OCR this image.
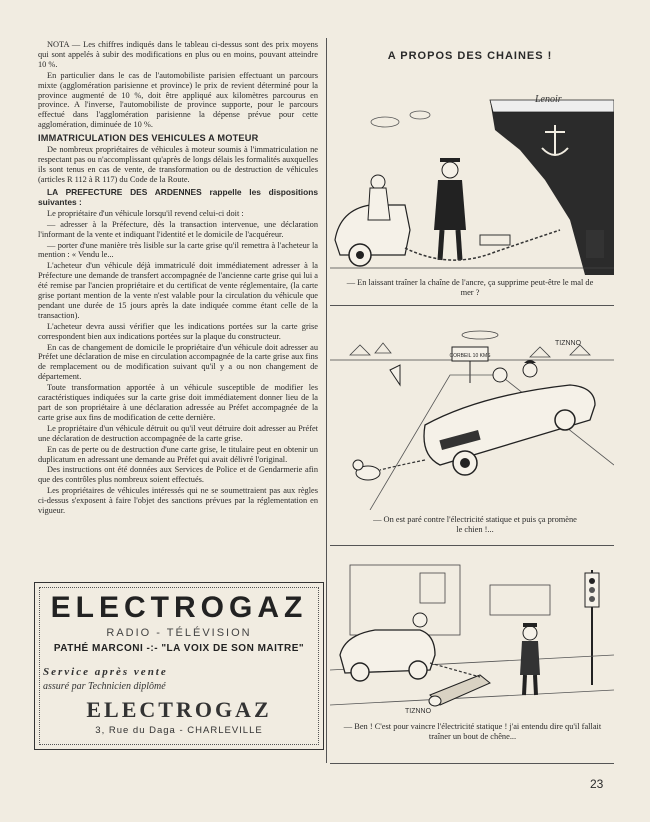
NOTA — Les chiffres indiqués dans le tableau ci-dessus sont des prix moyens qui sont appelés à subir des modifications en plus ou en moins, pouvant atteindre 10 %.

En particulier dans le cas de l'automobiliste parisien effectuant un parcours mixte (agglomération parisienne et province) le prix de revient déterminé pour la province augmenté de 10 %, doit être appliqué aux kilomètres parcourus en province. A l'inverse, l'automobiliste de province supporte, pour le parcours effectué dans l'agglomération parisienne la dépense prévue pour cette agglomération, diminuée de 10 %.

IMMATRICULATION DES VEHICULES A MOTEUR

De nombreux propriétaires de véhicules à moteur soumis à l'immatriculation ne respectant pas ou n'accomplissant qu'après de longs délais les formalités auxquelles ils sont tenus en cas de vente, de transformation ou de destruction de véhicules (articles R 112 à R 117) du Code de la Route.

LA PREFECTURE DES ARDENNES rappelle les dispositions suivantes :

Le propriétaire d'un véhicule lorsqu'il revend celui-ci doit :

— adresser à la Préfecture, dès la transaction intervenue, une déclaration l'informant de la vente et indiquant l'identité et le domicile de l'acquéreur.

— porter d'une manière très lisible sur la carte grise qu'il remettra à l'acheteur la mention : « Vendu le...

L'acheteur d'un véhicule déjà immatriculé doit immédiatement adresser à la Préfecture une demande de transfert accompagnée de l'ancienne carte grise qui lui a été remise par l'ancien propriétaire et du certificat de vente réglementaire, (la carte grise portant mention de la vente n'est valable pour la circulation du véhicule que pendant une durée de 15 jours après la date indiquée comme étant celle de la transaction).

L'acheteur devra aussi vérifier que les indications portées sur la carte grise correspondent bien aux indications portées sur la plaque du constructeur.

En cas de changement de domicile le propriétaire d'un véhicule doit adresser au Préfet une déclaration de mise en circulation accompagnée de la carte grise aux fins de remplacement ou de modification suivant qu'il y a ou non changement de département.

Toute transformation apportée à un véhicule susceptible de modifier les caractéristiques indiquées sur la carte grise doit immédiatement donner lieu de la part de son propriétaire à une déclaration adressée au Préfet accompagnée de la carte grise aux fins de modification de cette dernière.

Le propriétaire d'un véhicule détruit ou qu'il veut détruire doit adresser au Préfet une déclaration de destruction accompagnée de la carte grise.

En cas de perte ou de destruction d'une carte grise, le titulaire peut en obtenir un duplicatum en adressant une demande au Préfet qui avait délivré l'original.

Des instructions ont été données aux Services de Police et de Gendarmerie afin que des contrôles plus nombreux soient effectués.

Les propriétaires de véhicules intéressés qui ne se soumettraient pas aux règles ci-dessus s'exposent à faire l'objet des sanctions prévues par la réglementation en vigueur.

ELECTROGAZ
RADIO - TÉLÉVISION
PATHÉ MARCONI -:- "LA VOIX DE SON MAITRE"
Service après vente
assuré par Technicien diplômé
ELECTROGAZ
3, Rue du Daga - CHARLEVILLE
A PROPOS DES CHAINES !
Lenoir
— En laissant traîner la chaîne de l'ancre, ça supprime peut-être le mal de mer ?
CORBEIL 10 KMS
TIZNNO
— On est paré contre l'électricité statique et puis ça promène le chien !...
TIZNNO
— Ben ! C'est pour vaincre l'électricité statique ! j'ai entendu dire qu'il fallait traîner un bout de chêne...
23
